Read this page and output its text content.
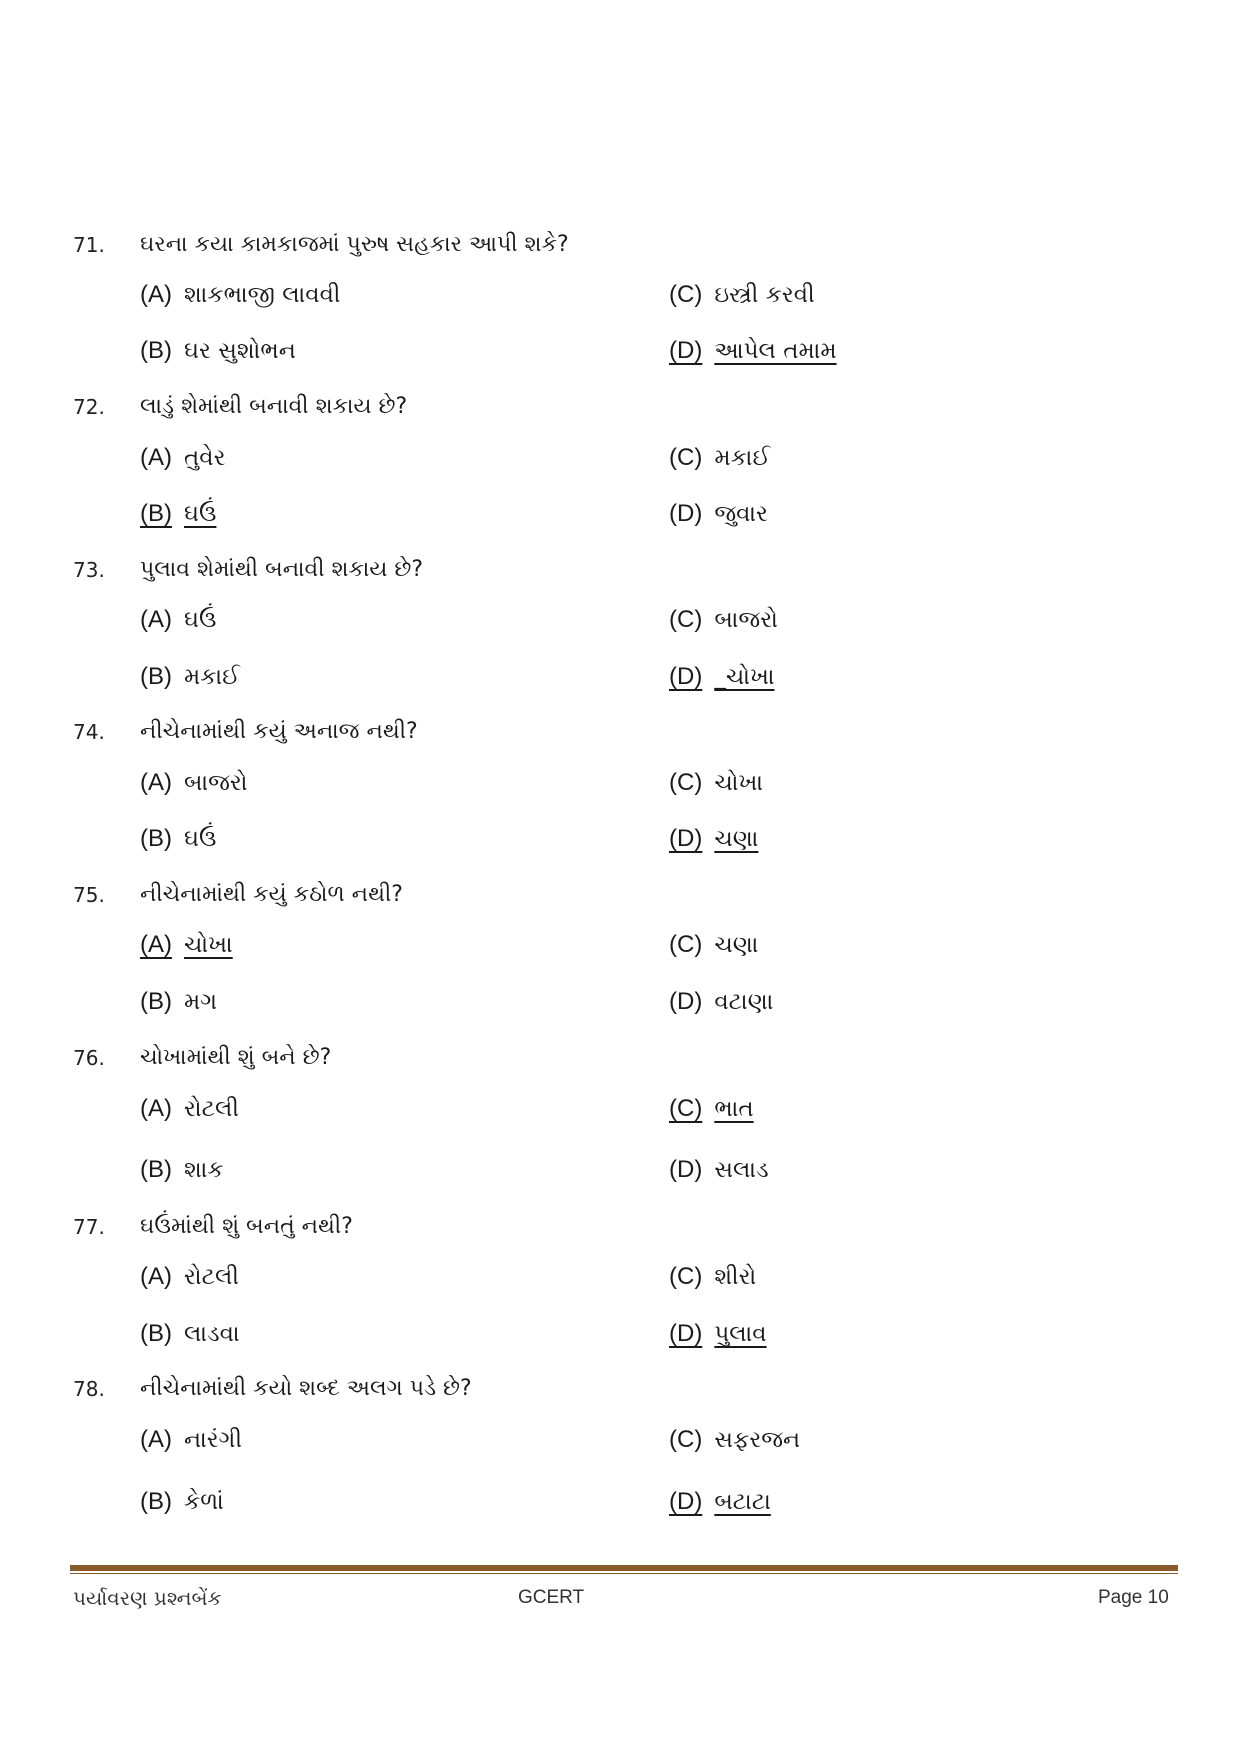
71. ઘરના કયા કામકાજમાં પુરુષ સહકાર આપી શકે?
(A) શાકભાજી લાવવી	(C) ઇસ્ત્રી કરવી
(B) ઘર સુશોભન	(D) આપેલ તમામ
72. લાડું શેમાંથી બનાવી શકાય છે?
(A) તુવેર	(C) મકાઈ
(B) ઘઉં	(D) જુવાર
73. પુલાવ શેમાંથી બનાવી શકાય છે?
(A) ઘઉં	(C) બાજરો
(B) મકાઈ	(D) _ચોખા
74. નીચેનામાંથી કયું અનાજ નથી?
(A) બાજરો	(C) ચોખા
(B) ઘઉં	(D) ચણા
75. નીચેનામાંથી કયું કઠોળ નથી?
(A) ચોખા	(C) ચણા
(B) મગ	(D) વટાણા
76. ચોખામાંથી શું બને છે?
(A) રોટલી	(C) ભાત
(B) શાક	(D) સલાડ
77. ઘઉંમાંથી શું બનતું નથી?
(A) રોટલી	(C) શીરો
(B) લાડવા	(D) પુલાવ
78. નીચેનામાંથી કયો શબ્દ અલગ પડે છે?
(A) નારંગી	(C) સફરજન
(B) કેળાં	(D) બટાટા
પર્યાવરણ પ્રશ્નબેંક	GCERT	Page 10
